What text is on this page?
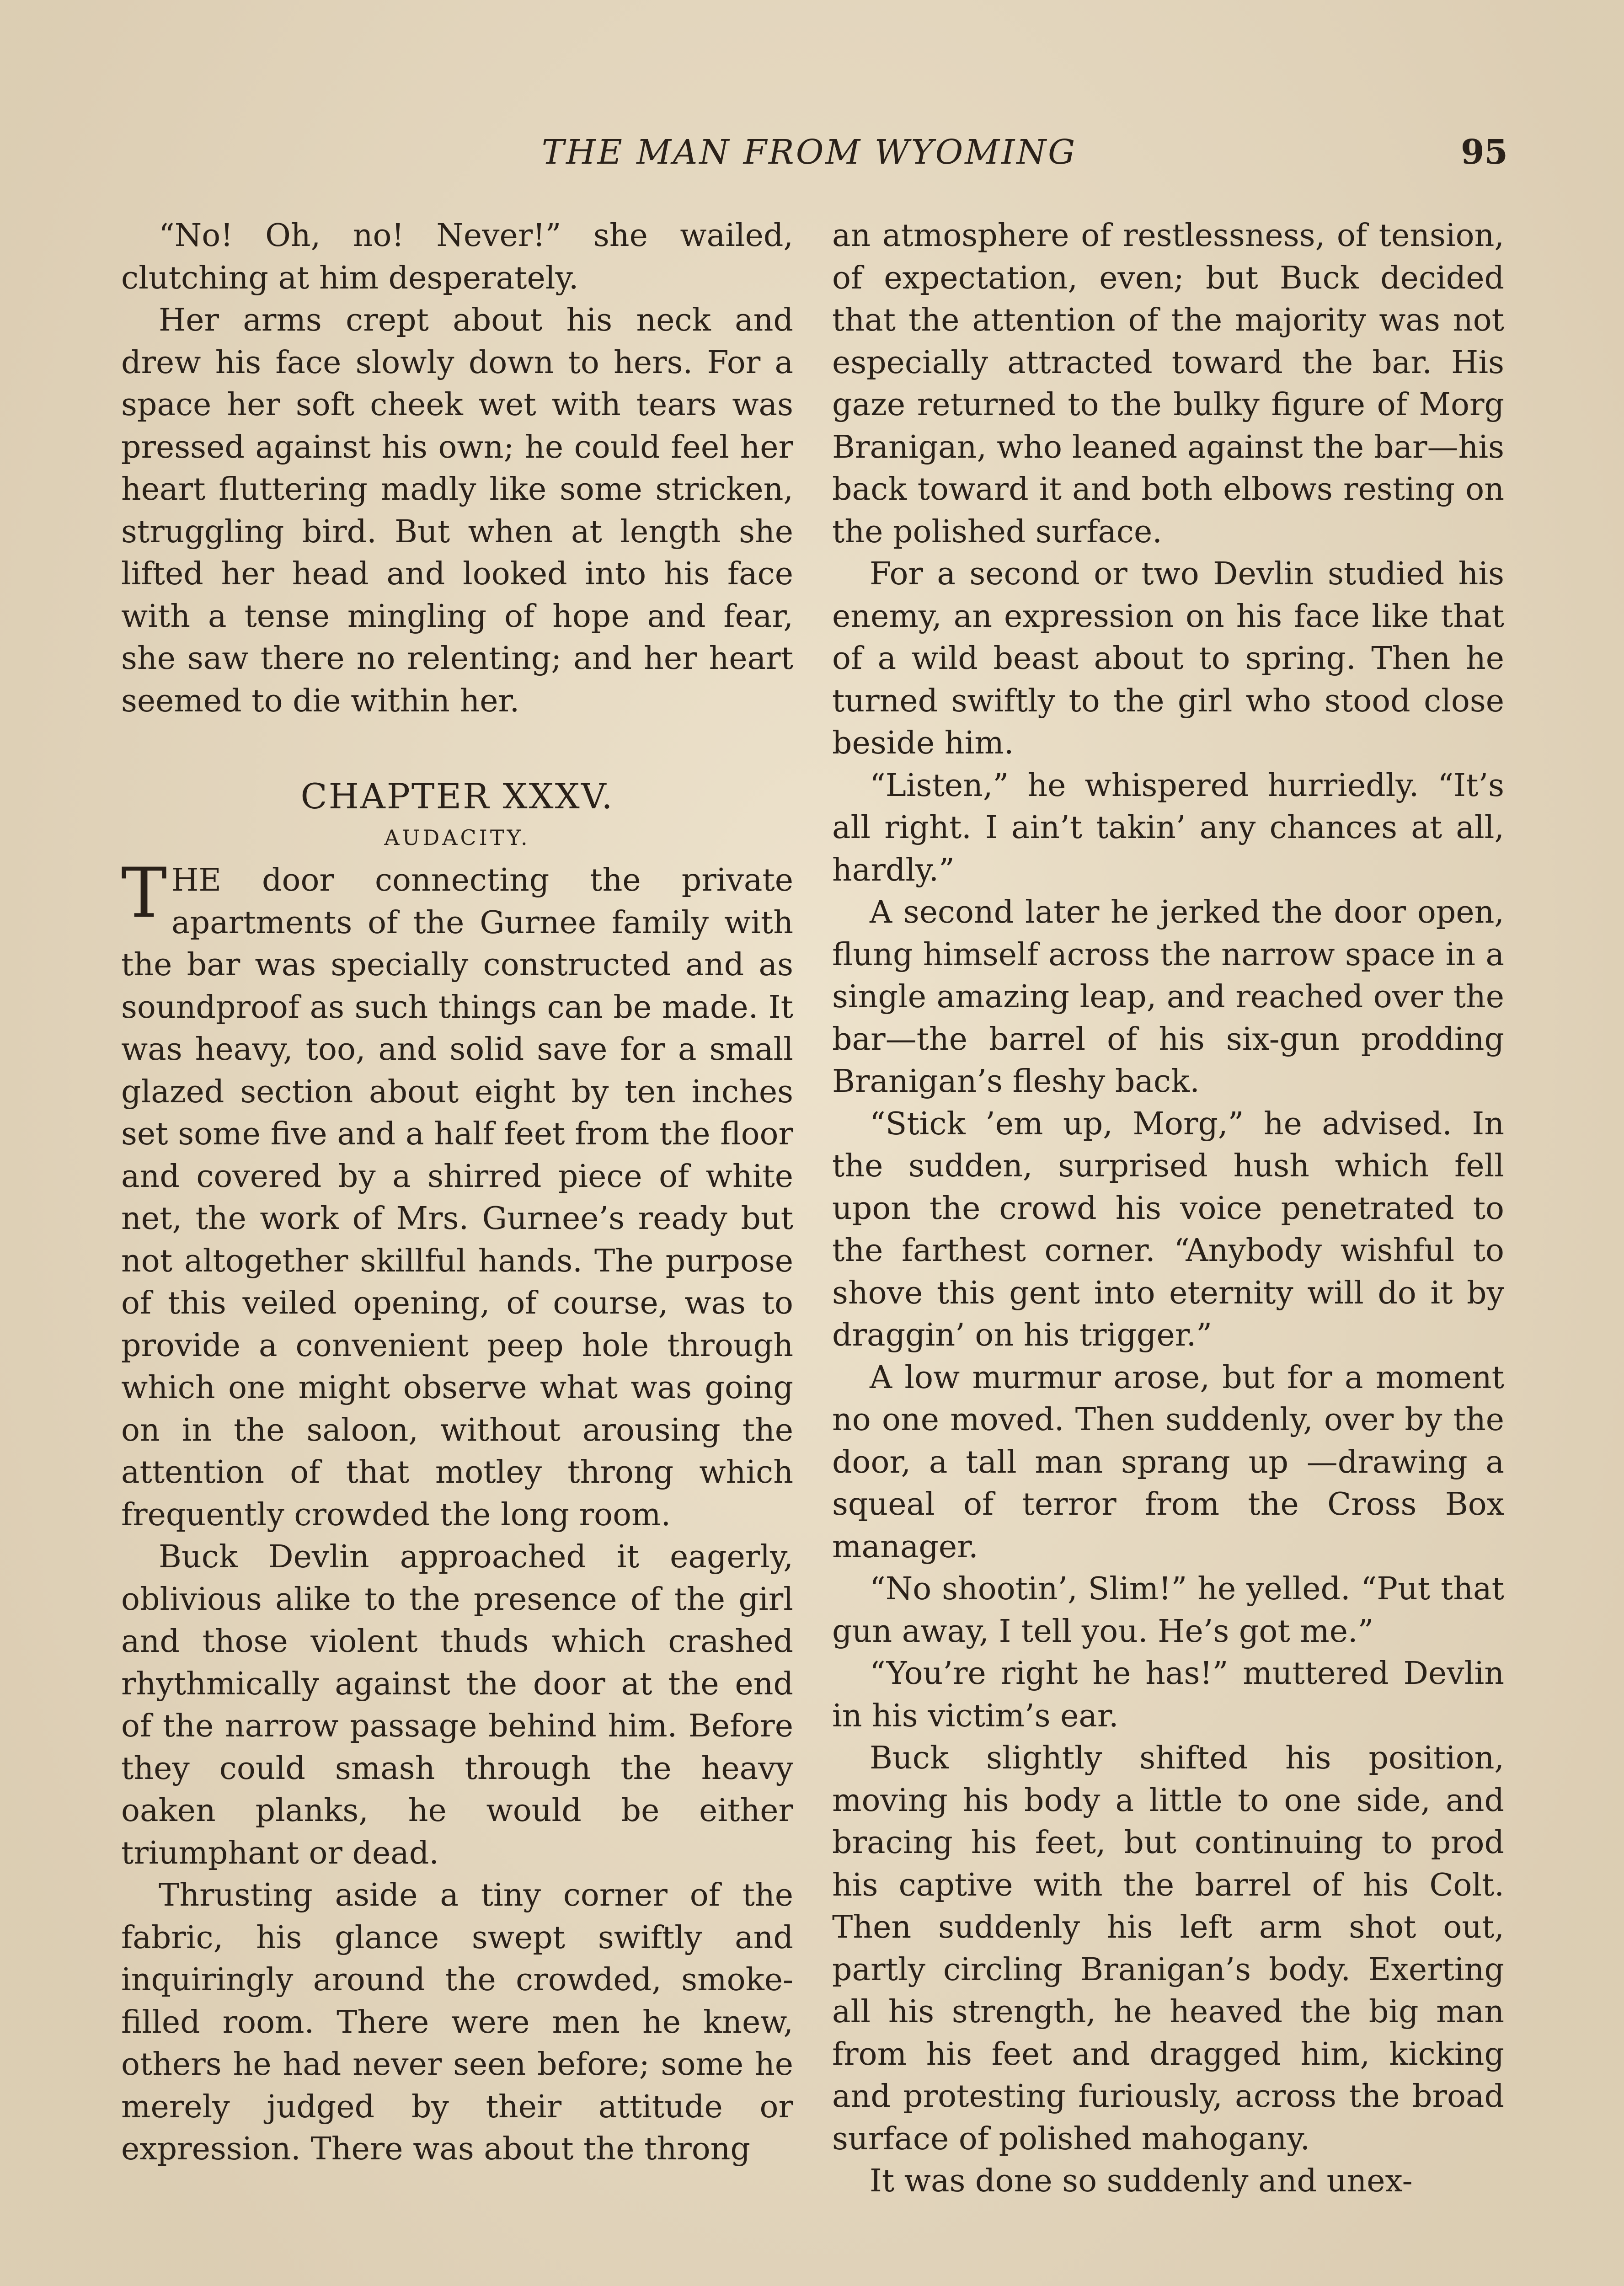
THE MAN FROM WYOMING	95

“No! Oh, no! Never!” she wailed, clutching at him desperately.

Her arms crept about his neck and drew his face slowly down to hers. For a space her soft cheek wet with tears was pressed against his own; he could feel her heart fluttering madly like some stricken, struggling bird. But when at length she lifted her head and looked into his face with a tense mingling of hope and fear, she saw there no relenting; and her heart seemed to die within her.

CHAPTER XXXV.
AUDACITY.

THE door connecting the private apartments of the Gurnee family with the bar was specially constructed and as soundproof as such things can be made. It was heavy, too, and solid save for a small glazed section about eight by ten inches set some five and a half feet from the floor and covered by a shirred piece of white net, the work of Mrs. Gurnee’s ready but not altogether skillful hands. The purpose of this veiled opening, of course, was to provide a convenient peep hole through which one might observe what was going on in the saloon, without arousing the attention of that motley throng which frequently crowded the long room.

Buck Devlin approached it eagerly, oblivious alike to the presence of the girl and those violent thuds which crashed rhythmically against the door at the end of the narrow passage behind him. Before they could smash through the heavy oaken planks, he would be either triumphant or dead.

Thrusting aside a tiny corner of the fabric, his glance swept swiftly and inquiringly around the crowded, smoke-filled room. There were men he knew, others he had never seen before; some he merely judged by their attitude or expression. There was about the throng

an atmosphere of restlessness, of tension, of expectation, even; but Buck decided that the attention of the majority was not especially attracted toward the bar. His gaze returned to the bulky figure of Morg Branigan, who leaned against the bar—his back toward it and both elbows resting on the polished surface.

For a second or two Devlin studied his enemy, an expression on his face like that of a wild beast about to spring. Then he turned swiftly to the girl who stood close beside him.

“Listen,” he whispered hurriedly. “It’s all right. I ain’t takin’ any chances at all, hardly.”

A second later he jerked the door open, flung himself across the narrow space in a single amazing leap, and reached over the bar—the barrel of his six-gun prodding Branigan’s fleshy back.

“Stick ’em up, Morg,” he advised. In the sudden, surprised hush which fell upon the crowd his voice penetrated to the farthest corner. “Anybody wishful to shove this gent into eternity will do it by draggin’ on his trigger.”

A low murmur arose, but for a moment no one moved. Then suddenly, over by the door, a tall man sprang up —drawing a squeal of terror from the Cross Box manager.

“No shootin’, Slim!” he yelled. “Put that gun away, I tell you. He’s got me.”

“You’re right he has!” muttered Devlin in his victim’s ear.

Buck slightly shifted his position, moving his body a little to one side, and bracing his feet, but continuing to prod his captive with the barrel of his Colt. Then suddenly his left arm shot out, partly circling Branigan’s body. Exerting all his strength, he heaved the big man from his feet and dragged him, kicking and protesting furiously, across the broad surface of polished mahogany.

It was done so suddenly and unex-
